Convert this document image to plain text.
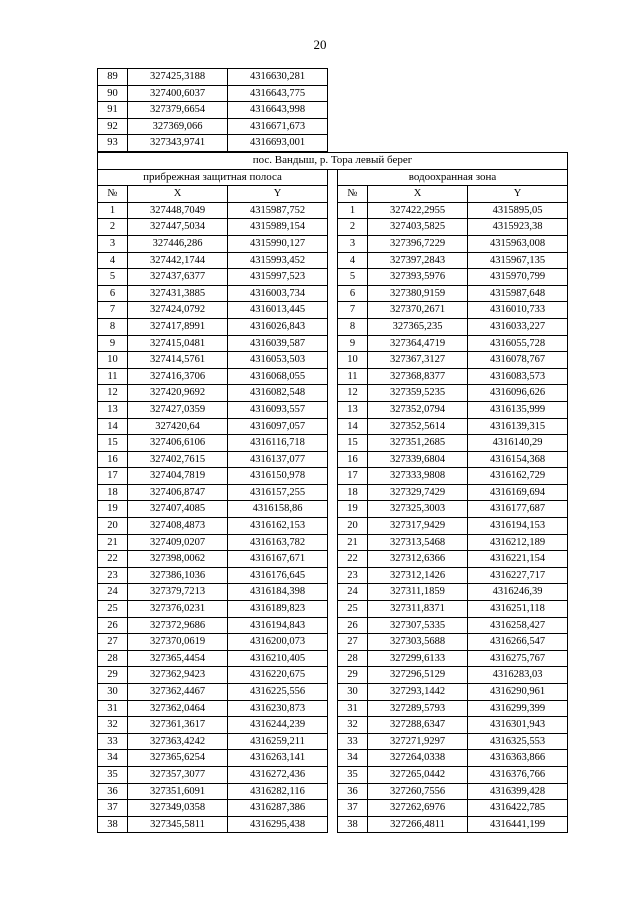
20
89	327425,3188	4316630,281
90	327400,6037	4316643,775
91	327379,6654	4316643,998
92	327369,066	4316671,673
93	327343,9741	4316693,001
пос. Вандыш, р. Тора левый берег						
прибрежная защитная полоса				водоохранная зона		
№	X	Y		№	X	Y
1	327448,7049	4315987,752		1	327422,2955	4315895,05
2	327447,5034	4315989,154		2	327403,5825	4315923,38
3	327446,286	4315990,127		3	327396,7229	4315963,008
4	327442,1744	4315993,452		4	327397,2843	4315967,135
5	327437,6377	4315997,523		5	327393,5976	4315970,799
6	327431,3885	4316003,734		6	327380,9159	4315987,648
7	327424,0792	4316013,445		7	327370,2671	4316010,733
8	327417,8991	4316026,843		8	327365,235	4316033,227
9	327415,0481	4316039,587		9	327364,4719	4316055,728
10	327414,5761	4316053,503		10	327367,3127	4316078,767
11	327416,3706	4316068,055		11	327368,8377	4316083,573
12	327420,9692	4316082,548		12	327359,5235	4316096,626
13	327427,0359	4316093,557		13	327352,0794	4316135,999
14	327420,64	4316097,057		14	327352,5614	4316139,315
15	327406,6106	4316116,718		15	327351,2685	4316140,29
16	327402,7615	4316137,077		16	327339,6804	4316154,368
17	327404,7819	4316150,978		17	327333,9808	4316162,729
18	327406,8747	4316157,255		18	327329,7429	4316169,694
19	327407,4085	4316158,86		19	327325,3003	4316177,687
20	327408,4873	4316162,153		20	327317,9429	4316194,153
21	327409,0207	4316163,782		21	327313,5468	4316212,189
22	327398,0062	4316167,671		22	327312,6366	4316221,154
23	327386,1036	4316176,645		23	327312,1426	4316227,717
24	327379,7213	4316184,398		24	327311,1859	4316246,39
25	327376,0231	4316189,823		25	327311,8371	4316251,118
26	327372,9686	4316194,843		26	327307,5335	4316258,427
27	327370,0619	4316200,073		27	327303,5688	4316266,547
28	327365,4454	4316210,405		28	327299,6133	4316275,767
29	327362,9423	4316220,675		29	327296,5129	4316283,03
30	327362,4467	4316225,556		30	327293,1442	4316290,961
31	327362,0464	4316230,873		31	327289,5793	4316299,399
32	327361,3617	4316244,239		32	327288,6347	4316301,943
33	327363,4242	4316259,211		33	327271,9297	4316325,553
34	327365,6254	4316263,141		34	327264,0338	4316363,866
35	327357,3077	4316272,436		35	327265,0442	4316376,766
36	327351,6091	4316282,116		36	327260,7556	4316399,428
37	327349,0358	4316287,386		37	327262,6976	4316422,785
38	327345,5811	4316295,438		38	327266,4811	4316441,199
